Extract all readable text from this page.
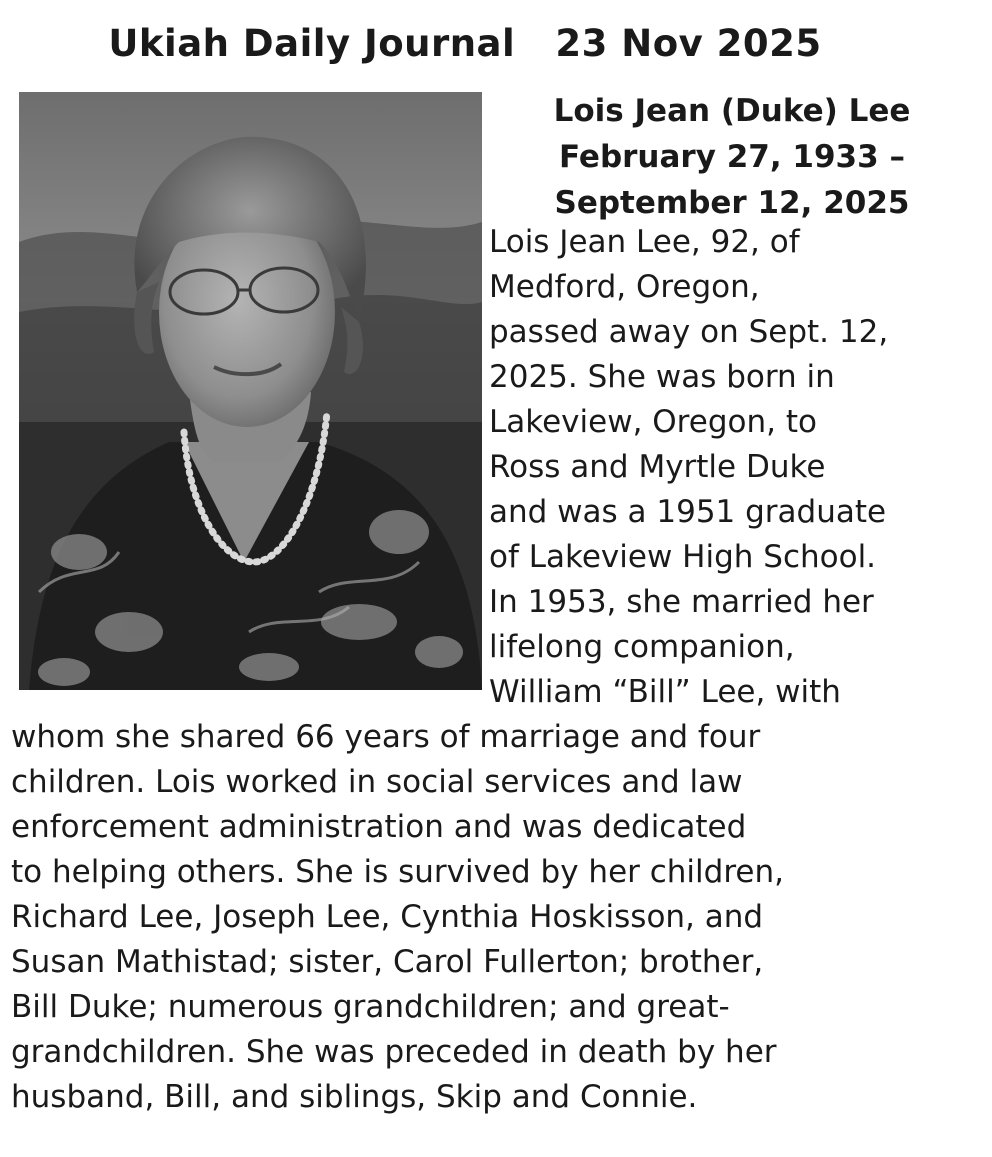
Ukiah Daily Journal 23 Nov 2025
Lois Jean (Duke) Lee
February 27, 1933 –
September 12, 2025
Lois Jean Lee, 92, of
Medford, Oregon,
passed away on Sept. 12,
2025. She was born in
Lakeview, Oregon, to
Ross and Myrtle Duke
and was a 1951 graduate
of Lakeview High School.
In 1953, she married her
lifelong companion,
William “Bill” Lee, with
whom she shared 66 years of marriage and four
children. Lois worked in social services and law
enforcement administration and was dedicated
to helping others. She is survived by her children,
Richard Lee, Joseph Lee, Cynthia Hoskisson, and
Susan Mathistad; sister, Carol Fullerton; brother,
Bill Duke; numerous grandchildren; and great-
grandchildren. She was preceded in death by her
husband, Bill, and siblings, Skip and Connie.
